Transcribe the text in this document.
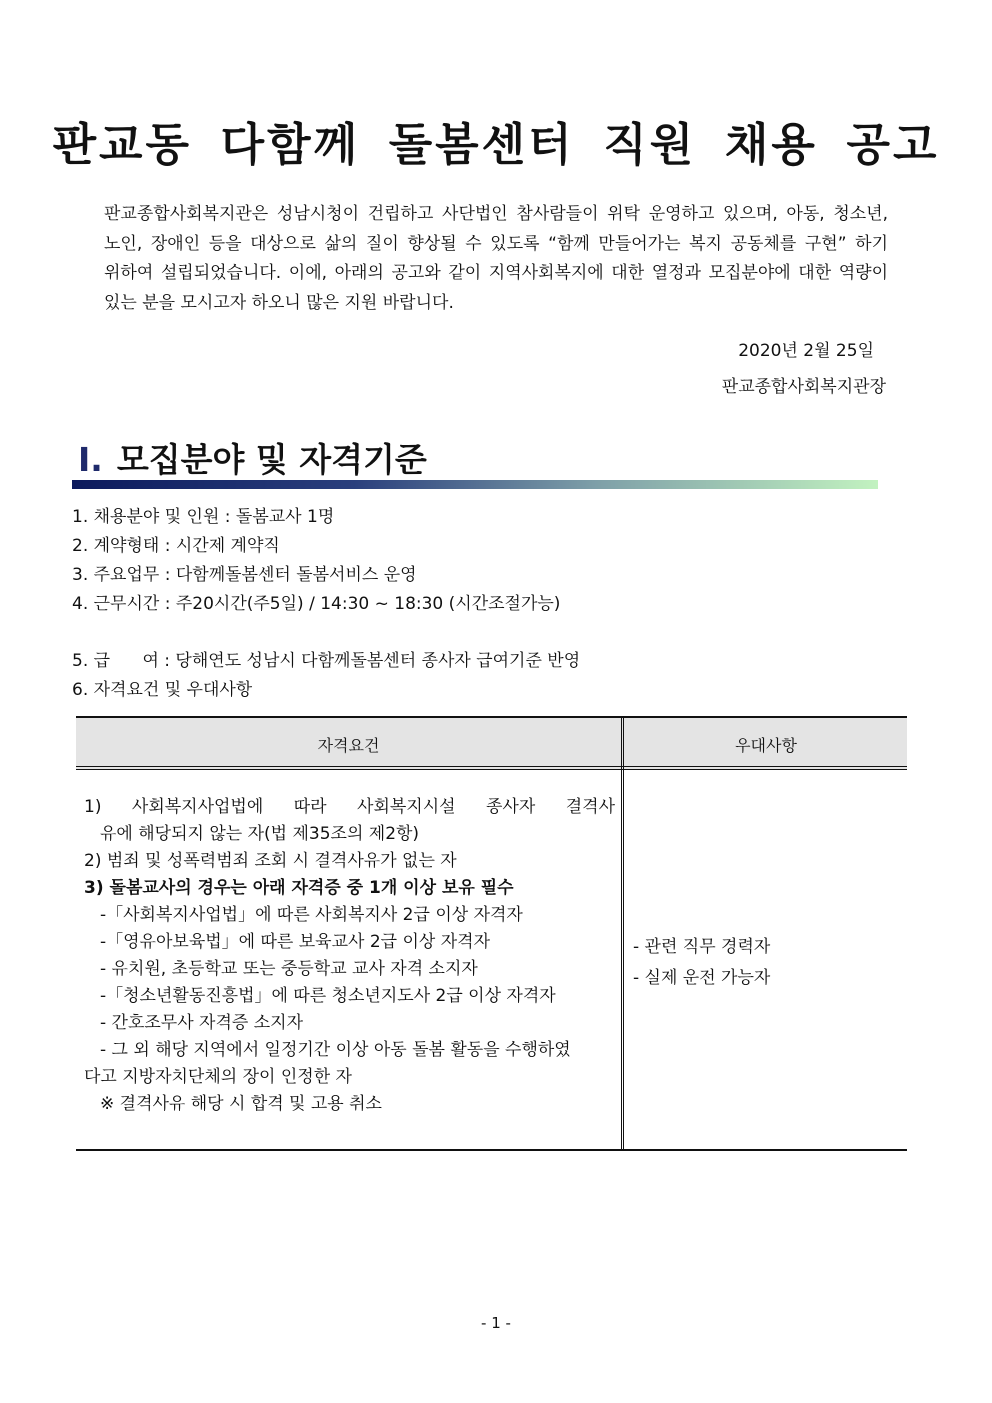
판교동 다함께 돌봄센터 직원 채용 공고
판교종합사회복지관은 성남시청이 건립하고 사단법인 참사람들이 위탁 운영하고 있으며, 아동, 청소년, 노인, 장애인 등을 대상으로 삶의 질이 향상될 수 있도록 “함께 만들어가는 복지 공동체를 구현” 하기 위하여 설립되었습니다. 이에, 아래의 공고와 같이 지역사회복지에 대한 열정과 모집분야에 대한 역량이 있는 분을 모시고자 하오니 많은 지원 바랍니다.
2020년 2월 25일
판교종합사회복지관장
Ⅰ. 모집분야 및 자격기준
1. 채용분야 및 인원 : 돌봄교사 1명
2. 계약형태 : 시간제 계약직
3. 주요업무 : 다함께돌봄센터 돌봄서비스 운영
4. 근무시간 : 주20시간(주5일) / 14:30 ~ 18:30 (시간조절가능)
5. 급      여 : 당해연도 성남시 다함께돌봄센터 종사자 급여기준 반영
6. 자격요건 및 우대사항
자격요건	우대사항
1) 사회복지사업법에 따라 사회복지시설 종사자 결격사
유에 해당되지 않는 자(법 제35조의 제2항)
2) 범죄 및 성폭력범죄 조회 시 결격사유가 없는 자
3) 돌봄교사의 경우는 아래 자격증 중 1개 이상 보유 필수
-「사회복지사업법」에 따른 사회복지사 2급 이상 자격자
-「영유아보육법」에 따른 보육교사 2급 이상 자격자
- 유치원, 초등학교 또는 중등학교 교사 자격 소지자
-「청소년활동진흥법」에 따른 청소년지도사 2급 이상 자격자
- 간호조무사 자격증 소지자
- 그 외 해당 지역에서 일정기간 이상 아동 돌봄 활동을 수행하였
다고 지방자치단체의 장이 인정한 자
※ 결격사유 해당 시 합격 및 고용 취소
- 관련 직무 경력자
- 실제 운전 가능자
- 1 -
